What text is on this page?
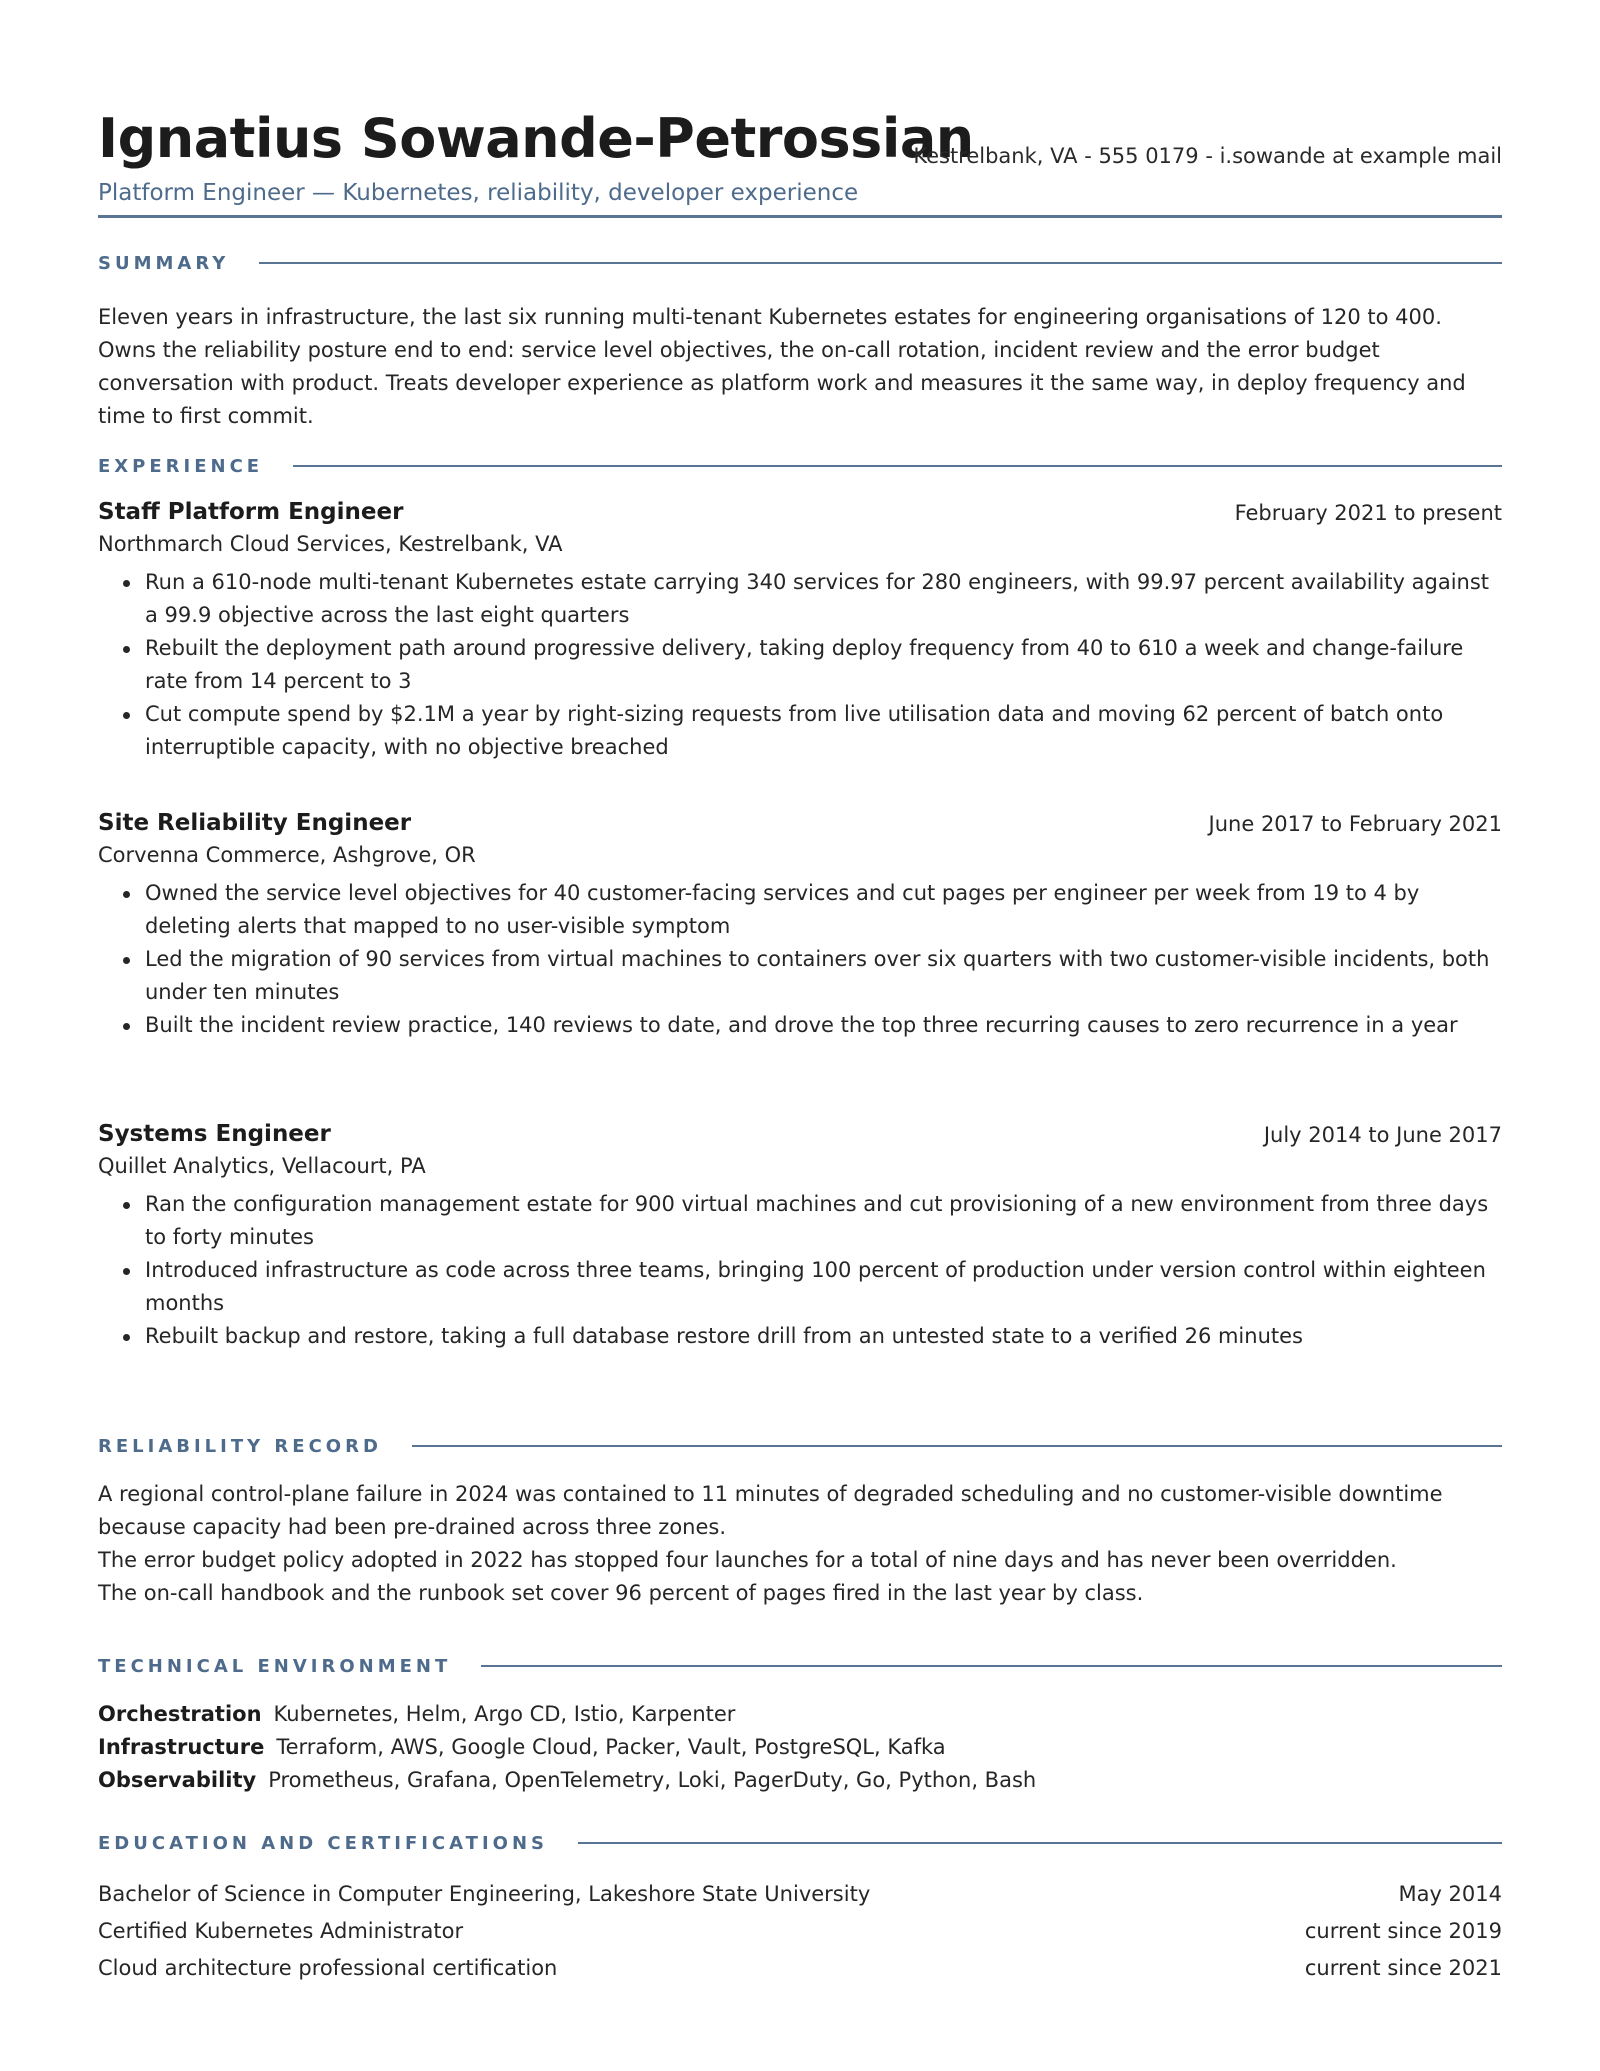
Ignatius Sowande-Petrossian
Kestrelbank, VA - 555 0179 - i.sowande at example mail
Platform Engineer — Kubernetes, reliability, developer experience
SUMMARY
Eleven years in infrastructure, the last six running multi-tenant Kubernetes estates for engineering organisations of 120 to 400. Owns the reliability posture end to end: service level objectives, the on-call rotation, incident review and the error budget conversation with product. Treats developer experience as platform work and measures it the same way, in deploy frequency and time to first commit.
EXPERIENCE
Staff Platform Engineer	February 2021 to present
Northmarch Cloud Services, Kestrelbank, VA
Run a 610-node multi-tenant Kubernetes estate carrying 340 services for 280 engineers, with 99.97 percent availability against a 99.9 objective across the last eight quarters
Rebuilt the deployment path around progressive delivery, taking deploy frequency from 40 to 610 a week and change-failure rate from 14 percent to 3
Cut compute spend by $2.1M a year by right-sizing requests from live utilisation data and moving 62 percent of batch onto interruptible capacity, with no objective breached
Site Reliability Engineer	June 2017 to February 2021
Corvenna Commerce, Ashgrove, OR
Owned the service level objectives for 40 customer-facing services and cut pages per engineer per week from 19 to 4 by deleting alerts that mapped to no user-visible symptom
Led the migration of 90 services from virtual machines to containers over six quarters with two customer-visible incidents, both under ten minutes
Built the incident review practice, 140 reviews to date, and drove the top three recurring causes to zero recurrence in a year
Systems Engineer	July 2014 to June 2017
Quillet Analytics, Vellacourt, PA
Ran the configuration management estate for 900 virtual machines and cut provisioning of a new environment from three days to forty minutes
Introduced infrastructure as code across three teams, bringing 100 percent of production under version control within eighteen months
Rebuilt backup and restore, taking a full database restore drill from an untested state to a verified 26 minutes
RELIABILITY RECORD

A regional control-plane failure in 2024 was contained to 11 minutes of degraded scheduling and no customer-visible downtime because capacity had been pre-drained across three zones.

The error budget policy adopted in 2022 has stopped four launches for a total of nine days and has never been overridden.

The on-call handbook and the runbook set cover 96 percent of pages fired in the last year by class.

TECHNICAL ENVIRONMENT
Orchestration Kubernetes, Helm, Argo CD, Istio, Karpenter
Infrastructure Terraform, AWS, Google Cloud, Packer, Vault, PostgreSQL, Kafka
Observability Prometheus, Grafana, OpenTelemetry, Loki, PagerDuty, Go, Python, Bash
EDUCATION AND CERTIFICATIONS
Bachelor of Science in Computer Engineering, Lakeshore State University	May 2014
Certified Kubernetes Administrator	current since 2019
Cloud architecture professional certification	current since 2021
